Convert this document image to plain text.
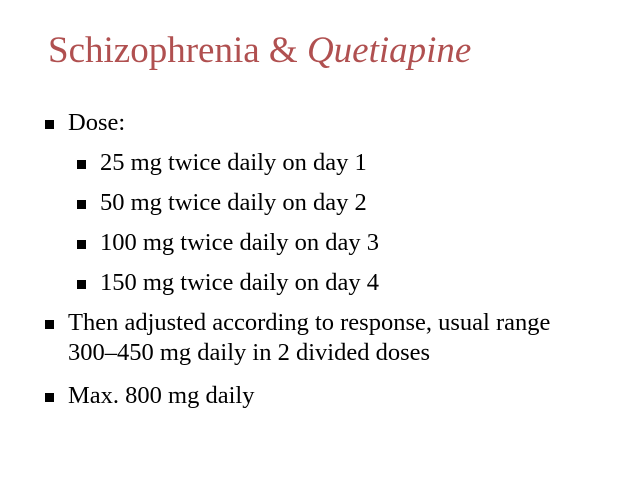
Schizophrenia & Quetiapine
Dose:
25 mg twice daily on day 1
50 mg twice daily on day 2
100 mg twice daily on day 3
150 mg twice daily on day 4
Then adjusted according to response, usual range 300–450 mg daily in 2 divided doses
Max. 800 mg daily
